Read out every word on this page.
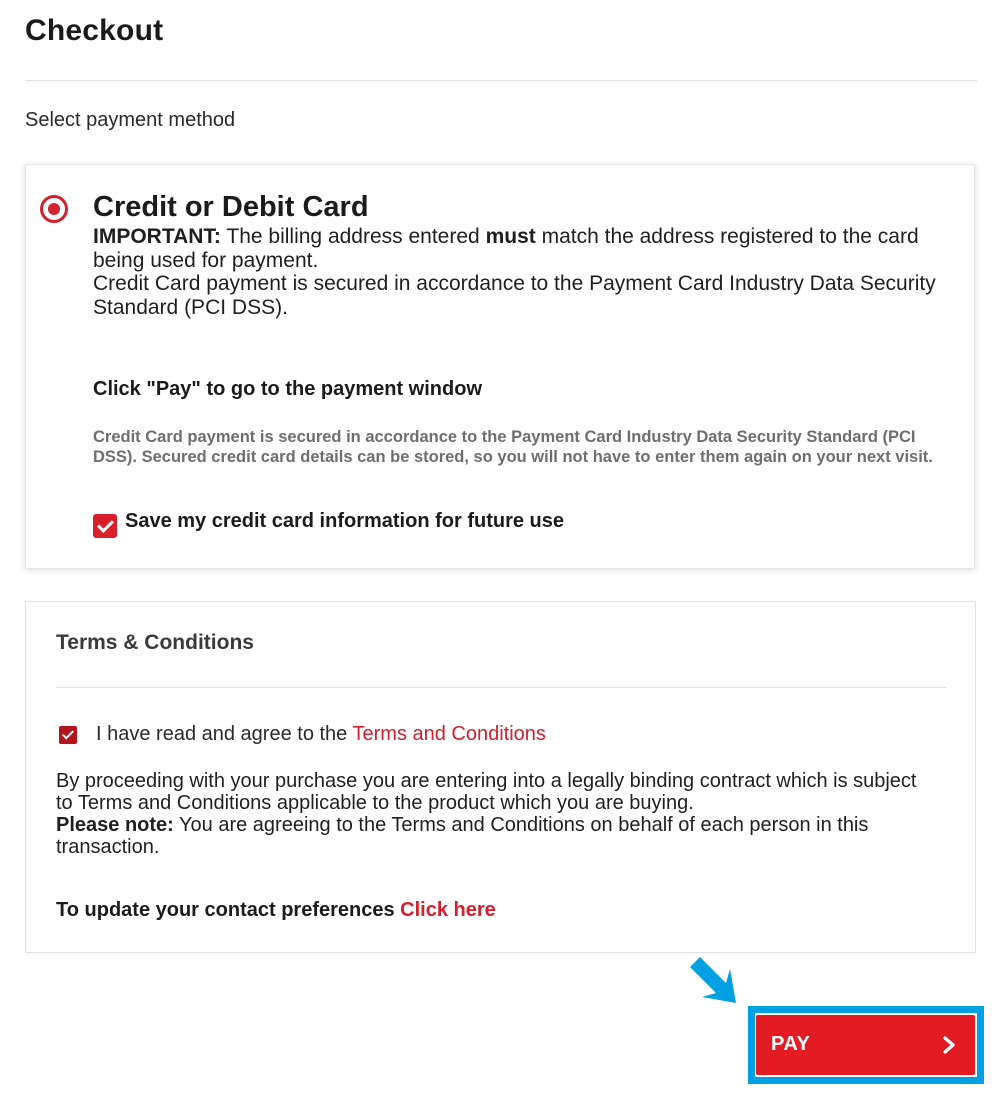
Checkout
Select payment method
Credit or Debit Card
IMPORTANT: The billing address entered must match the address registered to the card being used for payment.
Credit Card payment is secured in accordance to the Payment Card Industry Data Security Standard (PCI DSS).
Click "Pay" to go to the payment window
Credit Card payment is secured in accordance to the Payment Card Industry Data Security Standard (PCI DSS). Secured credit card details can be stored, so you will not have to enter them again on your next visit.
Save my credit card information for future use
Terms & Conditions
I have read and agree to the Terms and Conditions
By proceeding with your purchase you are entering into a legally binding contract which is subject to Terms and Conditions applicable to the product which you are buying.
Please note: You are agreeing to the Terms and Conditions on behalf of each person in this transaction.
To update your contact preferences Click here
PAY
